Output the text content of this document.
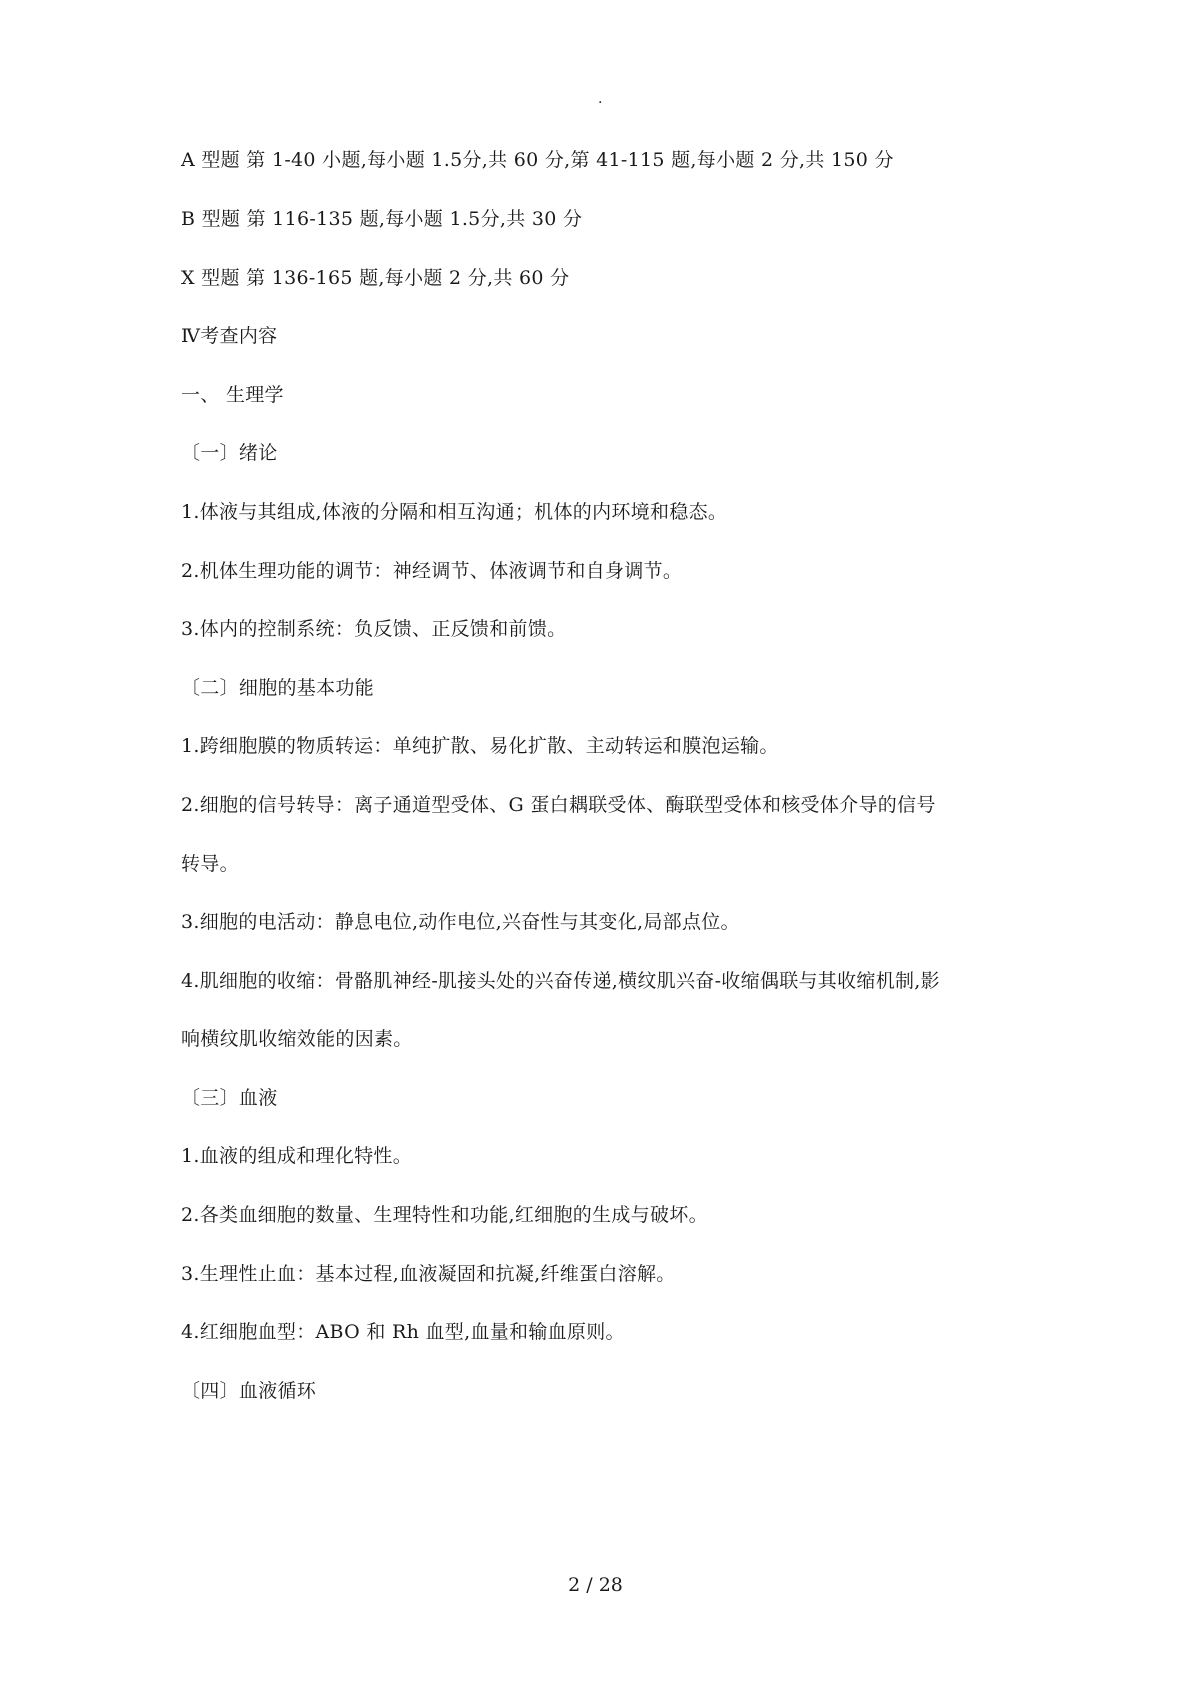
.
A 型题 第 1-40 小题,每小题 1.5分,共 60 分,第 41-115 题,每小题 2 分,共 150 分
B 型题 第 116-135 题,每小题 1.5分,共 30 分
X 型题 第 136-165 题,每小题 2 分,共 60 分
Ⅳ考查内容
一、 生理学
〔一〕绪论
1.体液与其组成,体液的分隔和相互沟通；机体的内环境和稳态。
2.机体生理功能的调节：神经调节、体液调节和自身调节。
3.体内的控制系统：负反馈、正反馈和前馈。
〔二〕细胞的基本功能
1.跨细胞膜的物质转运：单纯扩散、易化扩散、主动转运和膜泡运输。
2.细胞的信号转导：离子通道型受体、G 蛋白耦联受体、酶联型受体和核受体介导的信号
转导。
3.细胞的电活动：静息电位,动作电位,兴奋性与其变化,局部点位。
4.肌细胞的收缩：骨骼肌神经-肌接头处的兴奋传递,横纹肌兴奋-收缩偶联与其收缩机制,影
响横纹肌收缩效能的因素。
〔三〕血液
1.血液的组成和理化特性。
2.各类血细胞的数量、生理特性和功能,红细胞的生成与破坏。
3.生理性止血：基本过程,血液凝固和抗凝,纤维蛋白溶解。
4.红细胞血型：ABO 和 Rh 血型,血量和输血原则。
〔四〕血液循环
2 / 28
